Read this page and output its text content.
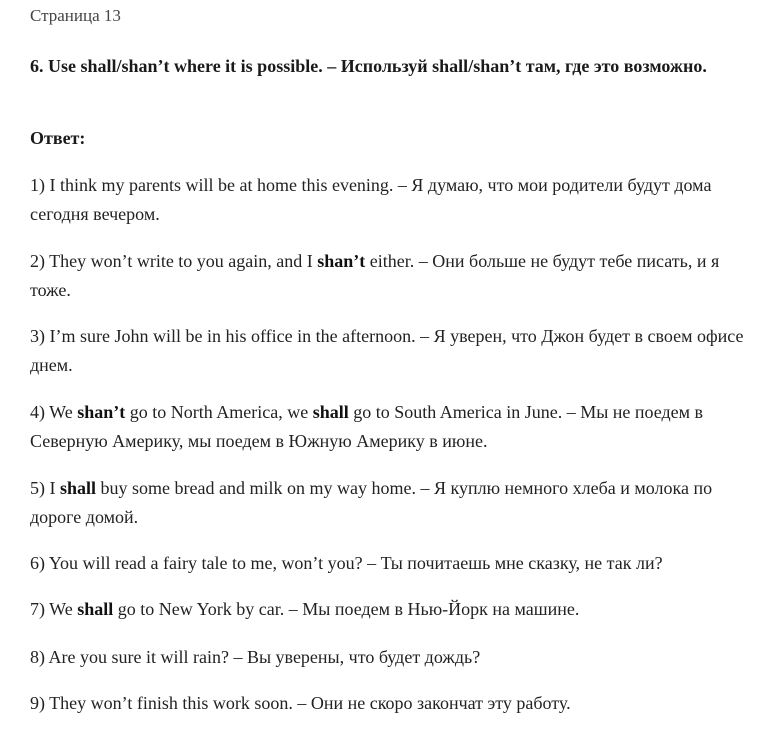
Страница 13
6. Use shall/shan’t where it is possible. – Используй shall/shan’t там, где это возможно.
Ответ:
1) I think my parents will be at home this evening. – Я думаю, что мои родители будут дома сегодня вечером.
2) They won’t write to you again, and I shan’t either. – Они больше не будут тебе писать, и я тоже.
3) I’m sure John will be in his office in the afternoon. – Я уверен, что Джон будет в своем офисе днем.
4) We shan’t go to North America, we shall go to South America in June. – Мы не поедем в Северную Америку, мы поедем в Южную Америку в июне.
5) I shall buy some bread and milk on my way home. – Я куплю немного хлеба и молока по дороге домой.
6) You will read a fairy tale to me, won’t you? – Ты почитаешь мне сказку, не так ли?
7) We shall go to New York by car. – Мы поедем в Нью-Йорк на машине.
8) Are you sure it will rain? – Вы уверены, что будет дождь?
9) They won’t finish this work soon. – Они не скоро закончат эту работу.
